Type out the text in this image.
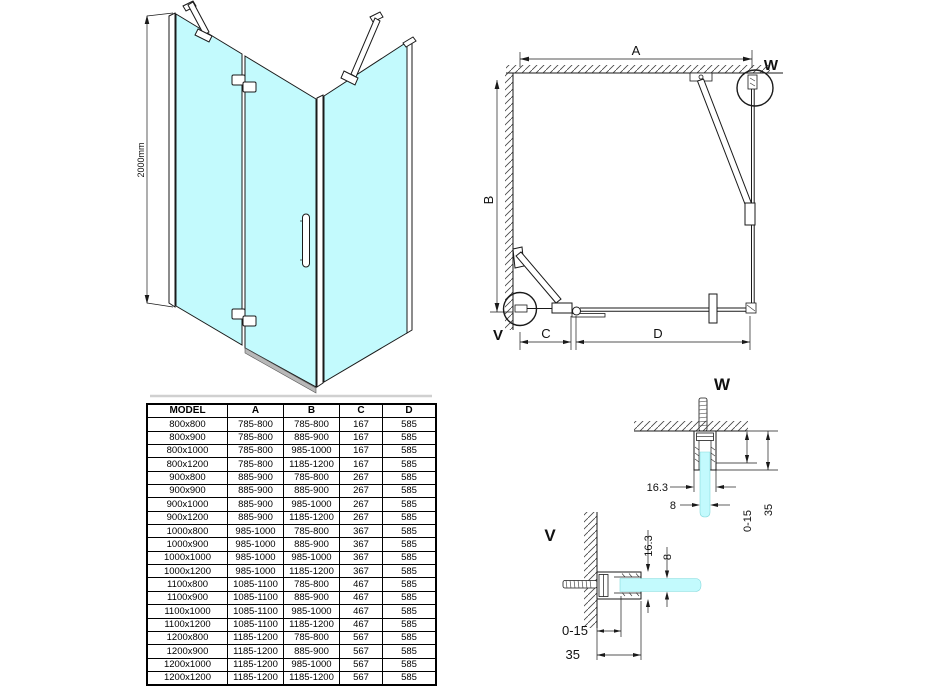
2000mm
A
B
W
V	C	D
W
16.3
8
0-15 35
V	16.3
8
0-15
35
MODEL	A	B	C	D
800x800	785-800	785-800	167	585
800x900	785-800	885-900	167	585
800x1000	785-800	985-1000	167	585
800x1200	785-800	1185-1200	167	585
900x800	885-900	785-800	267	585
900x900	885-900	885-900	267	585
900x1000	885-900	985-1000	267	585
900x1200	885-900	1185-1200	267	585
1000x800	985-1000	785-800	367	585
1000x900	985-1000	885-900	367	585
1000x1000	985-1000	985-1000	367	585
1000x1200	985-1000	1185-1200	367	585
1100x800	1085-1100	785-800	467	585
1100x900	1085-1100	885-900	467	585
1100x1000	1085-1100	985-1000	467	585
1100x1200	1085-1100	1185-1200	467	585
1200x800	1185-1200	785-800	567	585
1200x900	1185-1200	885-900	567	585
1200x1000	1185-1200	985-1000	567	585
1200x1200	1185-1200	1185-1200	567	585
